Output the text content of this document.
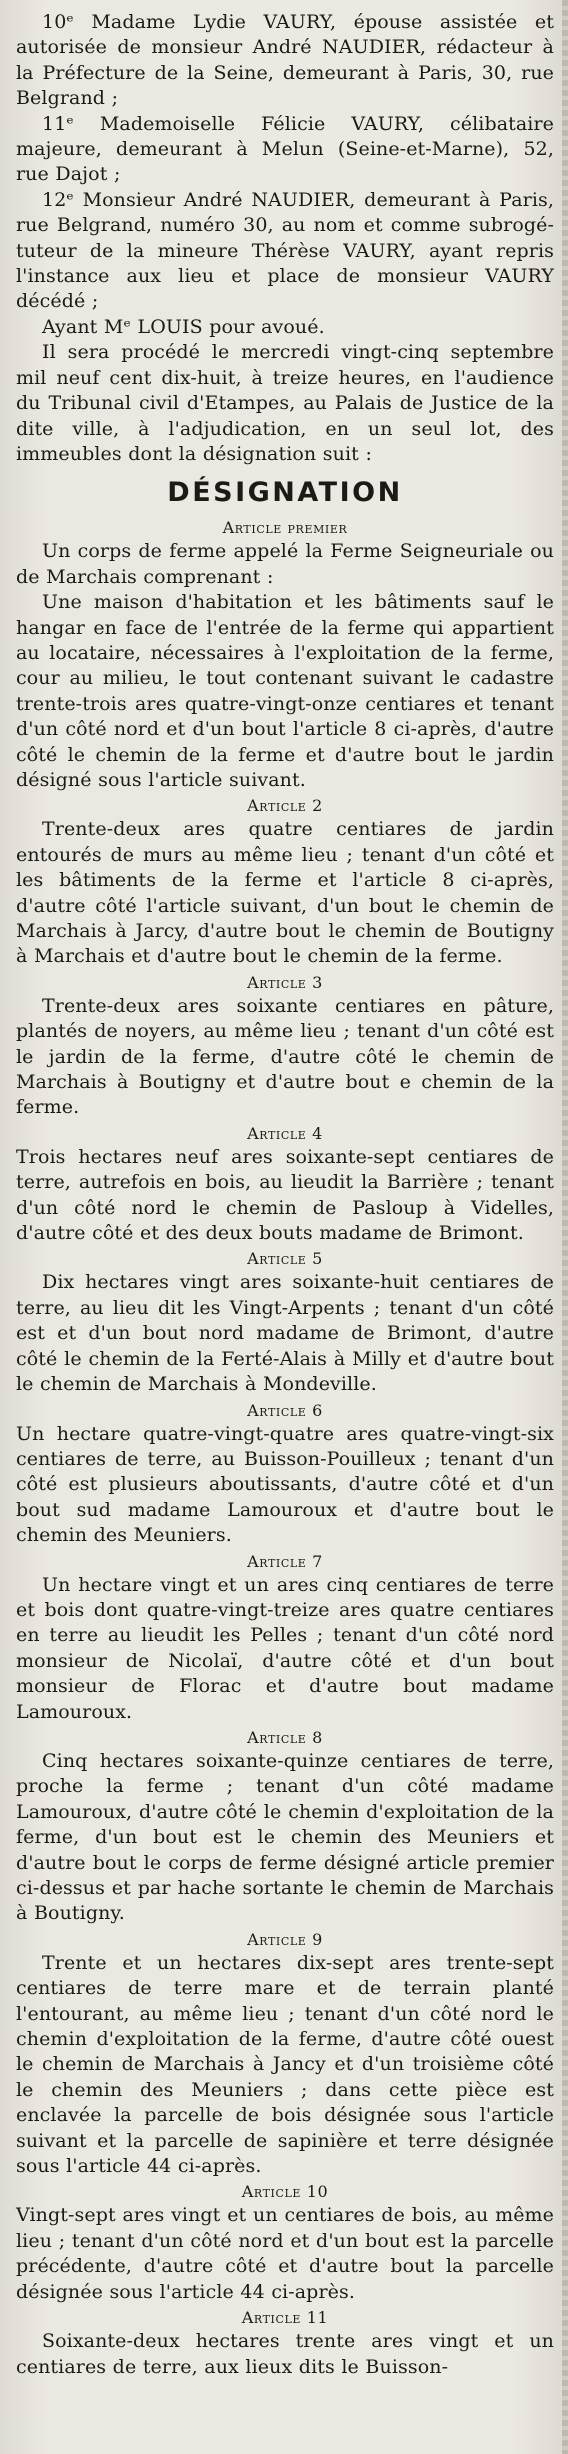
10ᵉ Madame Lydie VAURY, épouse assistée et autorisée de monsieur André NAUDIER, rédacteur à la Préfecture de la Seine, demeurant à Paris, 30, rue Belgrand ;

11ᵉ Mademoiselle Félicie VAURY, célibataire majeure, demeurant à Melun (Seine-et-Marne), 52, rue Dajot ;

12ᵉ Monsieur André NAUDIER, demeurant à Paris, rue Belgrand, numéro 30, au nom et comme subrogé-tuteur de la mineure Thérèse VAURY, ayant repris l'instance aux lieu et place de monsieur VAURY décédé ;

Ayant Mᵉ LOUIS pour avoué.

Il sera procédé le mercredi vingt-cinq septembre mil neuf cent dix-huit, à treize heures, en l'audience du Tribunal civil d'Etampes, au Palais de Justice de la dite ville, à l'adjudication, en un seul lot, des immeubles dont la désignation suit :

DÉSIGNATION
Article premier

Un corps de ferme appelé la Ferme Seigneuriale ou de Marchais comprenant :

Une maison d'habitation et les bâtiments sauf le hangar en face de l'entrée de la ferme qui appartient au locataire, nécessaires à l'exploitation de la ferme, cour au milieu, le tout contenant suivant le cadastre trente-trois ares quatre-vingt-onze centiares et tenant d'un côté nord et d'un bout l'article 8 ci-après, d'autre côté le chemin de la ferme et d'autre bout le jardin désigné sous l'article suivant.

Article 2

Trente-deux ares quatre centiares de jardin entourés de murs au même lieu ; tenant d'un côté et les bâtiments de la ferme et l'article 8 ci-après, d'autre côté l'article suivant, d'un bout le chemin de Marchais à Jarcy, d'autre bout le chemin de Boutigny à Marchais et d'autre bout le chemin de la ferme.

Article 3

Trente-deux ares soixante centiares en pâture, plantés de noyers, au même lieu ; tenant d'un côté est le jardin de la ferme, d'autre côté le chemin de Marchais à Boutigny et d'autre bout e chemin de la ferme.

Article 4

Trois hectares neuf ares soixante-sept centiares de terre, autrefois en bois, au lieudit la Barrière ; tenant d'un côté nord le chemin de Pasloup à Videlles, d'autre côté et des deux bouts madame de Brimont.

Article 5

Dix hectares vingt ares soixante-huit centiares de terre, au lieu dit les Vingt-Arpents ; tenant d'un côté est et d'un bout nord madame de Brimont, d'autre côté le chemin de la Ferté-Alais à Milly et d'autre bout le chemin de Marchais à Mondeville.

Article 6

Un hectare quatre-vingt-quatre ares quatre-vingt-six centiares de terre, au Buisson-Pouilleux ; tenant d'un côté est plusieurs aboutissants, d'autre côté et d'un bout sud madame Lamouroux et d'autre bout le chemin des Meuniers.

Article 7

Un hectare vingt et un ares cinq centiares de terre et bois dont quatre-vingt-treize ares quatre centiares en terre au lieudit les Pelles ; tenant d'un côté nord monsieur de Nicolaï, d'autre côté et d'un bout monsieur de Florac et d'autre bout madame Lamouroux.

Article 8

Cinq hectares soixante-quinze centiares de terre, proche la ferme ; tenant d'un côté madame Lamouroux, d'autre côté le chemin d'exploitation de la ferme, d'un bout est le chemin des Meuniers et d'autre bout le corps de ferme désigné article premier ci-dessus et par hache sortante le chemin de Marchais à Boutigny.

Article 9

Trente et un hectares dix-sept ares trente-sept centiares de terre mare et de terrain planté l'entourant, au même lieu ; tenant d'un côté nord le chemin d'exploitation de la ferme, d'autre côté ouest le chemin de Marchais à Jancy et d'un troisième côté le chemin des Meuniers ; dans cette pièce est enclavée la parcelle de bois désignée sous l'article suivant et la parcelle de sapinière et terre désignée sous l'article 44 ci-après.

Article 10

Vingt-sept ares vingt et un centiares de bois, au même lieu ; tenant d'un côté nord et d'un bout est la parcelle précédente, d'autre côté et d'autre bout la parcelle désignée sous l'article 44 ci-après.

Article 11

Soixante-deux hectares trente ares vingt et un centiares de terre, aux lieux dits le Buisson-
